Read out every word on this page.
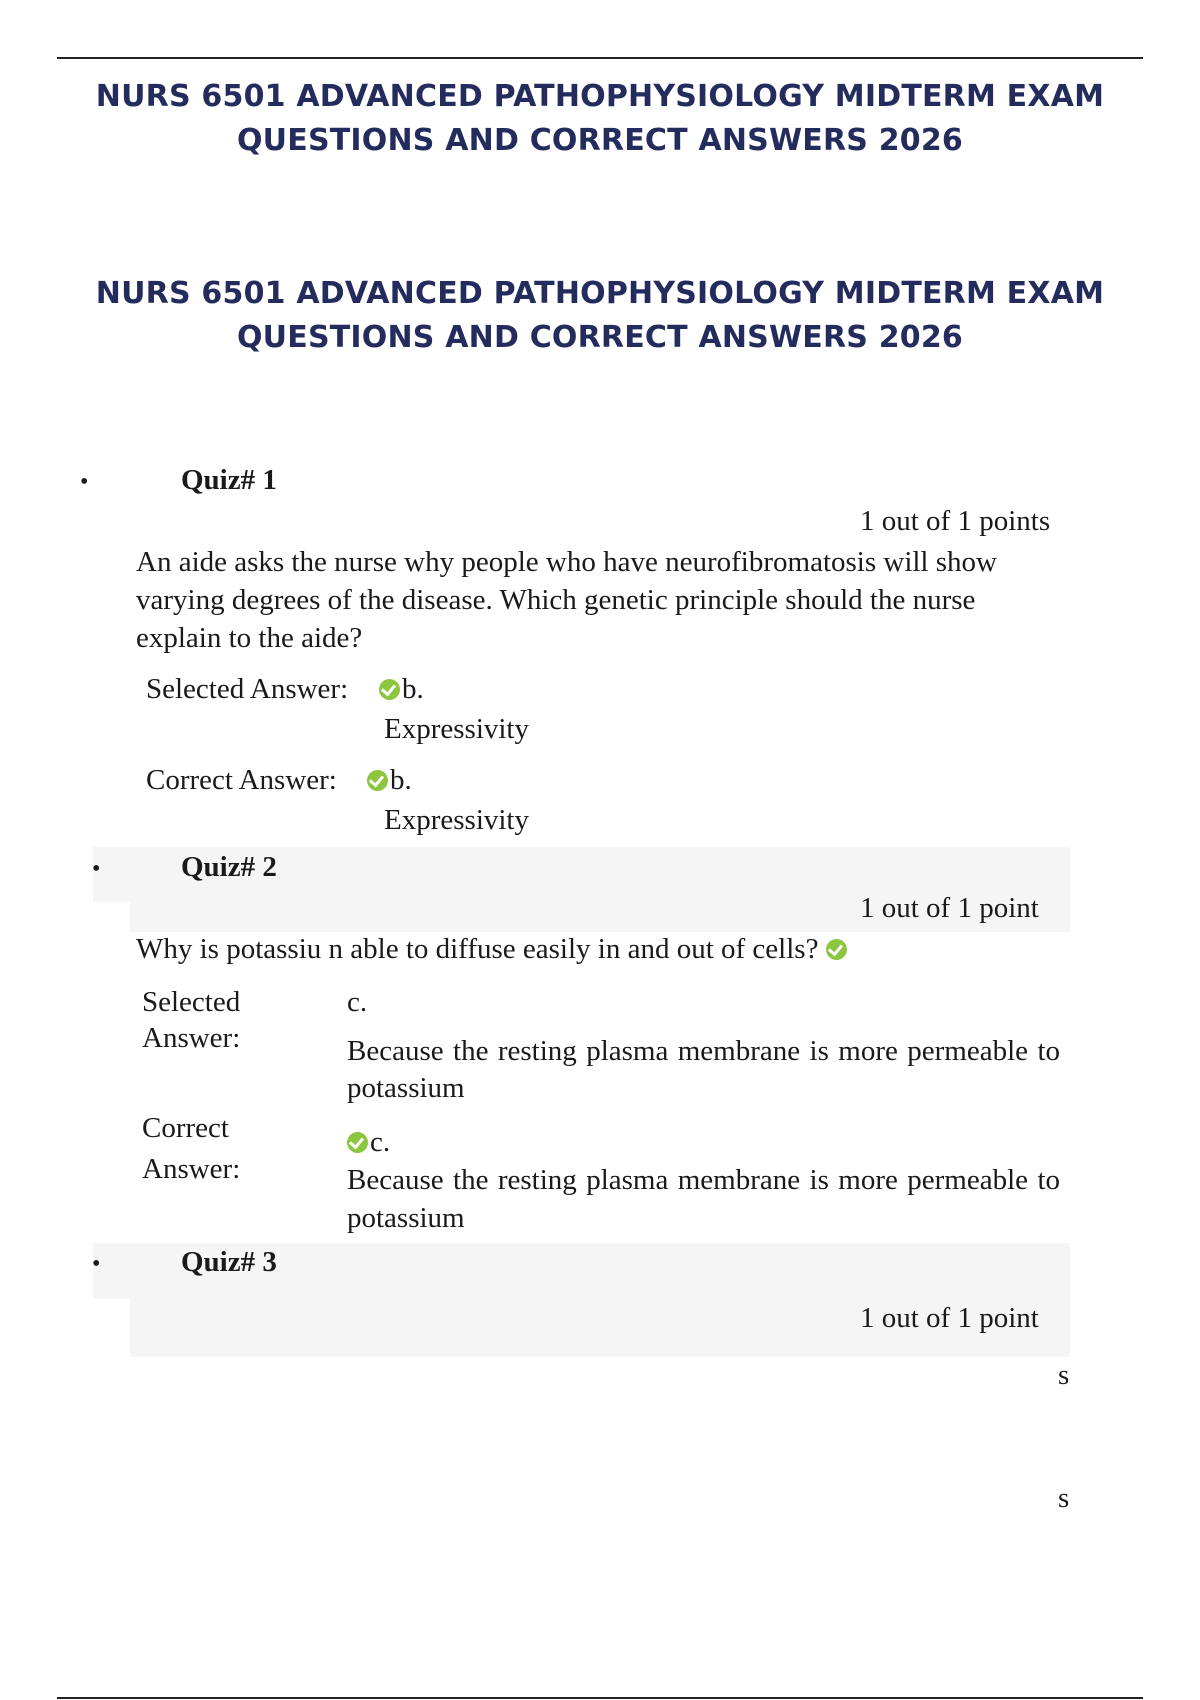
NURS 6501 ADVANCED PATHOPHYSIOLOGY MIDTERM EXAM
QUESTIONS AND CORRECT ANSWERS 2026
NURS 6501 ADVANCED PATHOPHYSIOLOGY MIDTERM EXAM
QUESTIONS AND CORRECT ANSWERS 2026
•	Quiz# 1
1 out of 1 points
An aide asks the nurse why people who have neurofibromatosis will show varying degrees of the disease. Which genetic principle should the nurse explain to the aide?
Selected Answer:	b.
Expressivity
Correct Answer:	b.
Expressivity
•	Quiz# 2
1 out of 1 point
Why is potassiu n able to diffuse easily in and out of cells?
Selected
Answer:
c.
Because the resting plasma membrane is more permeable to potassium
Correct
Answer:
c.
Because the resting plasma membrane is more permeable to potassium
•	Quiz# 3
1 out of 1 point
s
s
